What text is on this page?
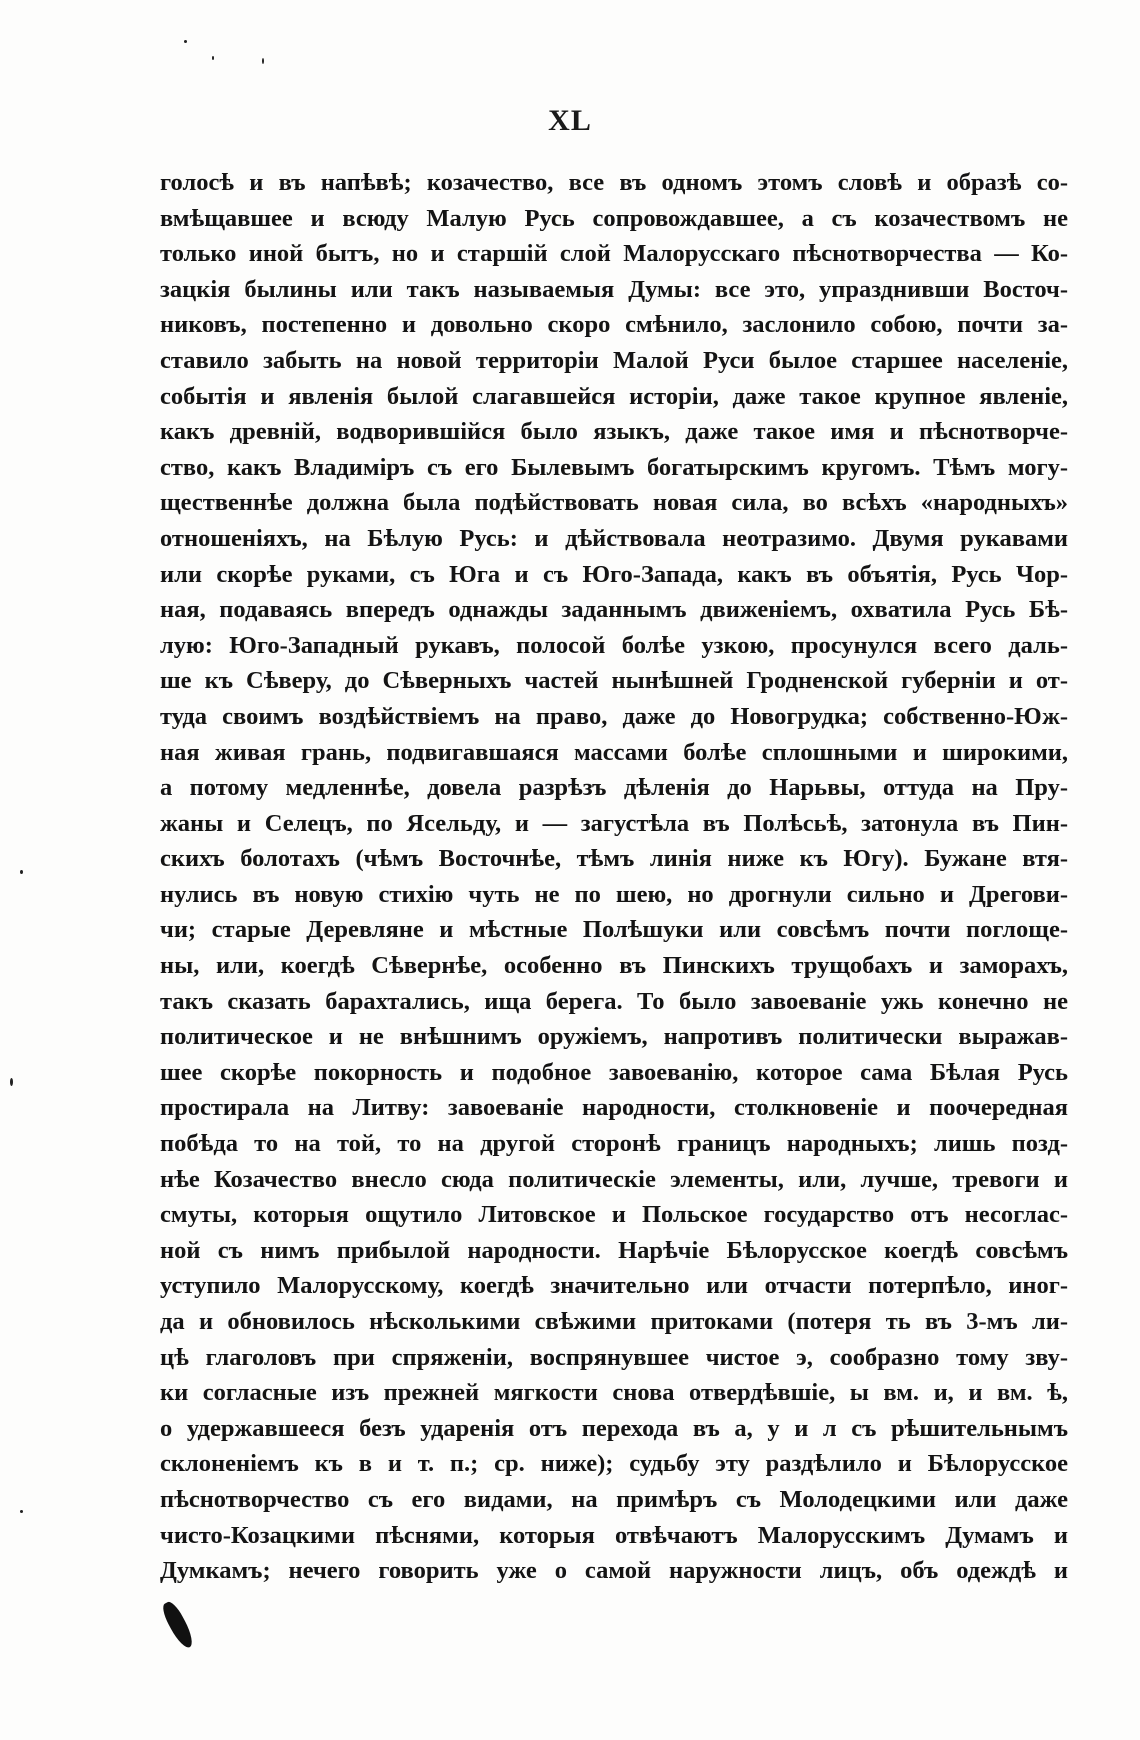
XL
голосѣ и въ напѣвѣ; козачество, все въ одномъ этомъ словѣ и образѣ со-
вмѣщавшее и всюду Малую Русь сопровождавшее, а съ козачествомъ не
только иной бытъ, но и старшiй слой Малорусскаго пѣснотворчества — Ко-
зацкiя былины или такъ называемыя Думы: все это, упразднивши Восточ-
никовъ, постепенно и довольно скоро смѣнило, заслонило собою, почти за-
ставило забыть на новой территорiи Малой Руси былое старшее населенiе,
событiя и явленiя былой слагавшейся исторiи, даже такое крупное явленiе,
какъ древнiй, водворившiйся было языкъ, даже такое имя и пѣснотворче-
ство, какъ Владимiръ съ его Былевымъ богатырскимъ кругомъ. Тѣмъ могу-
щественнѣе должна была подѣйствовать новая сила, во всѣхъ «народныхъ»
отношенiяхъ, на Бѣлую Русь: и дѣйствовала неотразимо. Двумя рукавами
или скорѣе руками, съ Юга и съ Юго-Запада, какъ въ объятiя, Русь Чор-
ная, подаваясь впередъ однажды заданнымъ движенiемъ, охватила Русь Бѣ-
лую: Юго-Западный рукавъ, полосой болѣе узкою, просунулся всего даль-
ше къ Сѣверу, до Сѣверныхъ частей нынѣшней Гродненской губернiи и от-
туда своимъ воздѣйствiемъ на право, даже до Новогрудка; собственно-Юж-
ная живая грань, подвигавшаяся массами болѣе сплошными и широкими,
а потому медленнѣе, довела разрѣзъ дѣленiя до Нарьвы, оттуда на Пру-
жаны и Селецъ, по Ясельду, и — загустѣла въ Полѣсьѣ, затонула въ Пин-
скихъ болотахъ (чѣмъ Восточнѣе, тѣмъ линiя ниже къ Югу). Бужане втя-
нулись въ новую стихiю чуть не по шею, но дрогнули сильно и Дрегови-
чи; старые Деревляне и мѣстные Полѣшуки или совсѣмъ почти поглоще-
ны, или, коегдѣ Сѣвернѣе, особенно въ Пинскихъ трущобахъ и заморахъ,
такъ сказать барахтались, ища берега. То было завоеванiе ужь конечно не
политическое и не внѣшнимъ оружiемъ, напротивъ политически выражав-
шее скорѣе покорность и подобное завоеванiю, которое сама Бѣлая Русь
простирала на Литву: завоеванiе народности, столкновенiе и поочередная
побѣда то на той, то на другой сторонѣ границъ народныхъ; лишь позд-
нѣе Козачество внесло сюда политическiе элементы, или, лучше, тревоги и
смуты, которыя ощутило Литовское и Польское государство отъ несоглас-
ной съ нимъ прибылой народности. Нарѣчiе Бѣлорусское коегдѣ совсѣмъ
уступило Малорусскому, коегдѣ значительно или отчасти потерпѣло, иног-
да и обновилось нѣсколькими свѣжими притоками (потеря ть въ 3-мъ ли-
цѣ глаголовъ при спряженiи, воспрянувшее чистое э, сообразно тому зву-
ки согласные изъ прежней мягкости снова отвердѣвшiе, ы вм. и, и вм. ѣ,
о удержавшееся безъ ударенiя отъ перехода въ а, у и л съ рѣшительнымъ
склоненiемъ къ в и т. п.; ср. ниже); судьбу эту раздѣлило и Бѣлорусское
пѣснотворчество съ его видами, на примѣръ съ Молодецкими или даже
чисто-Козацкими пѣснями, которыя отвѣчаютъ Малорусскимъ Думамъ и
Думкамъ; нечего говорить уже о самой наружности лицъ, объ одеждѣ и
